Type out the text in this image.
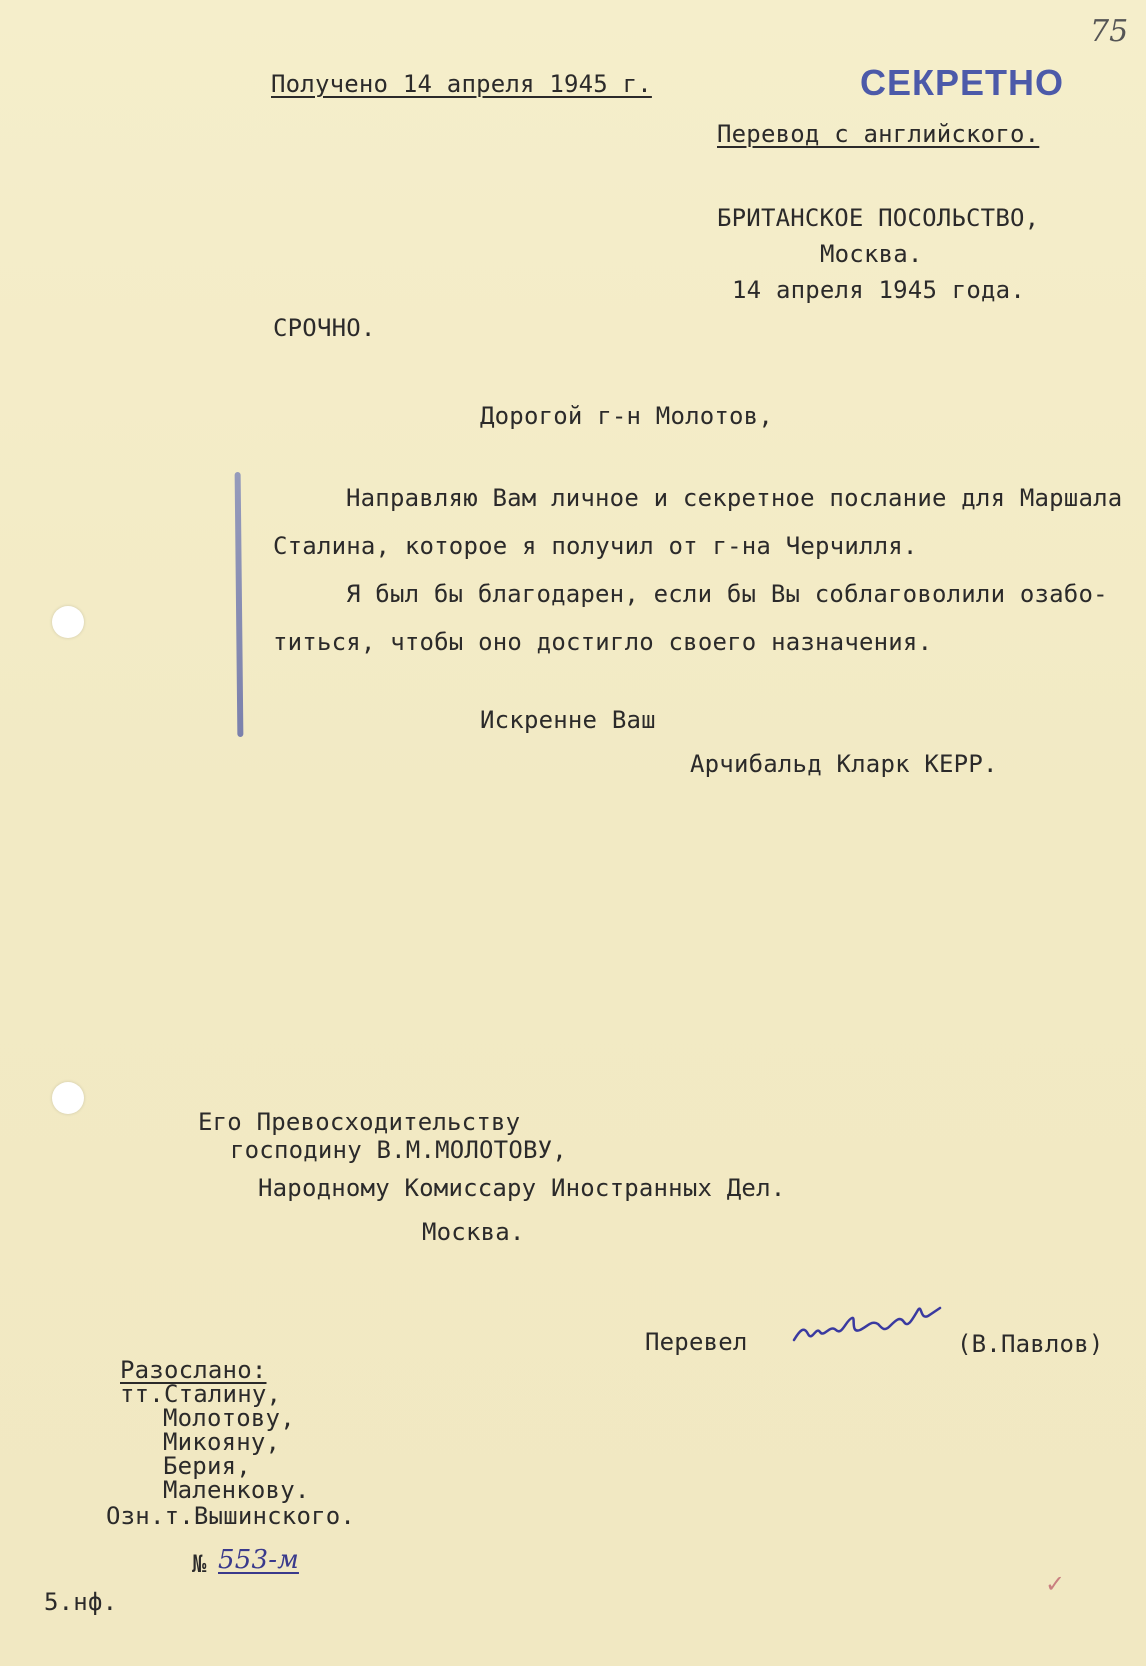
75
Получено 14 апреля 1945 г.	СЕКРЕТНО
Перевод с английского.
БРИТАНСКОЕ ПОСОЛЬСТВО,
Москва.
14 апреля 1945 года.
СРОЧНО.
Дорогой г-н Молотов,
Направляю Вам личное и секретное послание для Маршала
Сталина, которое я получил от г-на Черчилля.
Я был бы благодарен, если бы Вы соблаговолили озабо-
титься, чтобы оно достигло своего назначения.
Искренне Ваш
Арчибальд Кларк КЕРР.
Его Превосходительству
господину В.М.МОЛОТОВУ,
Народному Комиссару Иностранных Дел.
Москва.
Перевел	(В.Павлов)
Разослано:
тт.Сталину,
Молотову,
Микояну,
Берия,
Маленкову.
Озн.т.Вышинского.
№ 553-м
✓
5.нф.
